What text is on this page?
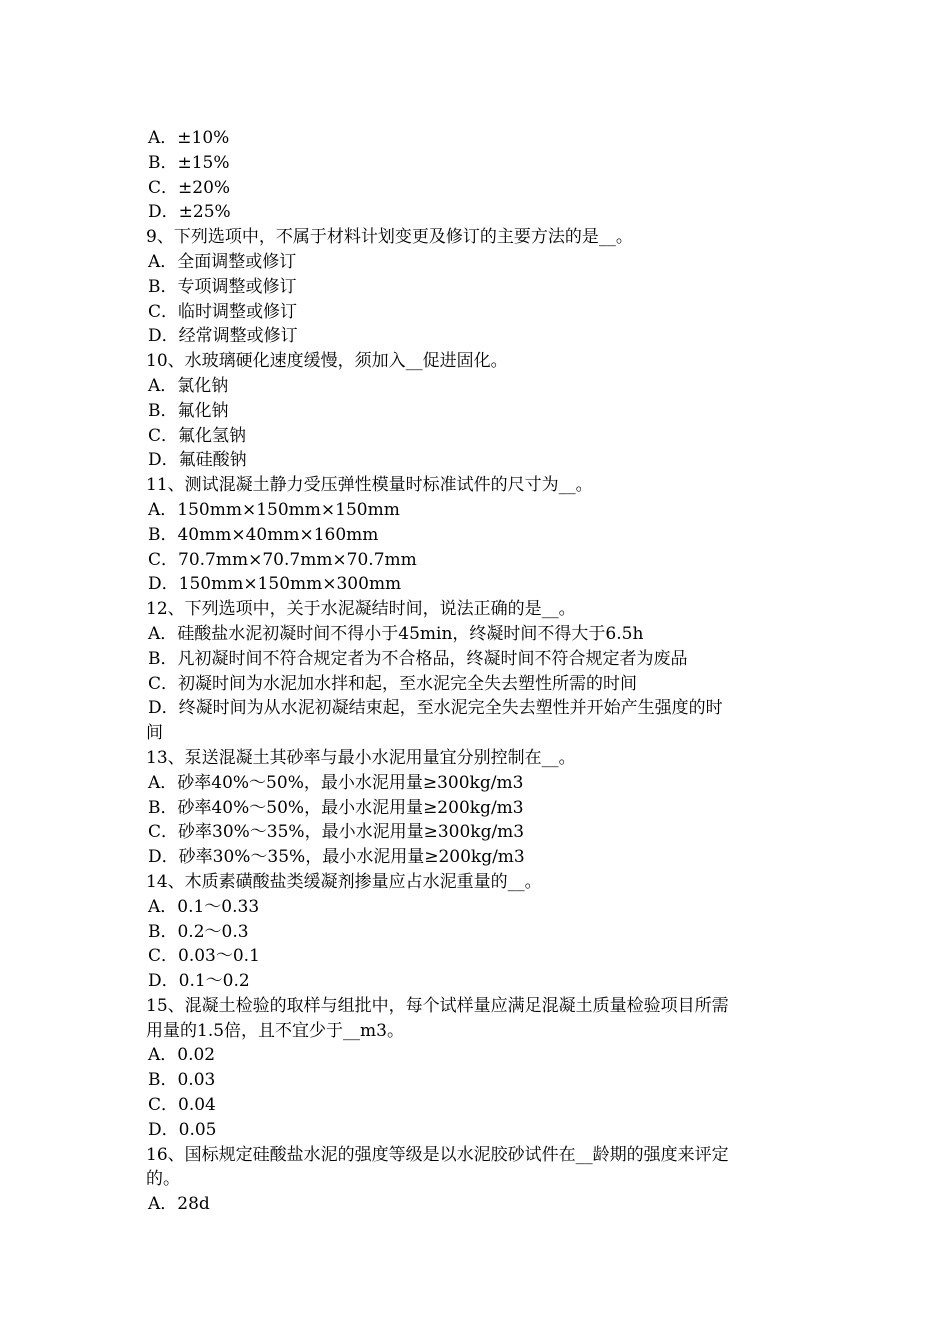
A．±10%
B．±15%
C．±20%
D．±25%
9、下列选项中，不属于材料计划变更及修订的主要方法的是__。
A．全面调整或修订
B．专项调整或修订
C．临时调整或修订
D．经常调整或修订
10、水玻璃硬化速度缓慢，须加入__促进固化。
A．氯化钠
B．氟化钠
C．氟化氢钠
D．氟硅酸钠
11、测试混凝土静力受压弹性模量时标准试件的尺寸为__。
A．150mm×150mm×150mm
B．40mm×40mm×160mm
C．70.7mm×70.7mm×70.7mm
D．150mm×150mm×300mm
12、下列选项中，关于水泥凝结时间，说法正确的是__。
A．硅酸盐水泥初凝时间不得小于45min，终凝时间不得大于6.5h
B．凡初凝时间不符合规定者为不合格品，终凝时间不符合规定者为废品
C．初凝时间为水泥加水拌和起，至水泥完全失去塑性所需的时间
D．终凝时间为从水泥初凝结束起，至水泥完全失去塑性并开始产生强度的时
间
13、泵送混凝土其砂率与最小水泥用量宜分别控制在__。
A．砂率40%～50%，最小水泥用量≥300kg/m3
B．砂率40%～50%，最小水泥用量≥200kg/m3
C．砂率30%～35%，最小水泥用量≥300kg/m3
D．砂率30%～35%，最小水泥用量≥200kg/m3
14、木质素磺酸盐类缓凝剂掺量应占水泥重量的__。
A．0.1～0.33
B．0.2～0.3
C．0.03～0.1
D．0.1～0.2
15、混凝土检验的取样与组批中，每个试样量应满足混凝土质量检验项目所需
用量的1.5倍，且不宜少于__m3。
A．0.02
B．0.03
C．0.04
D．0.05
16、国标规定硅酸盐水泥的强度等级是以水泥胶砂试件在__龄期的强度来评定
的。
A．28d
